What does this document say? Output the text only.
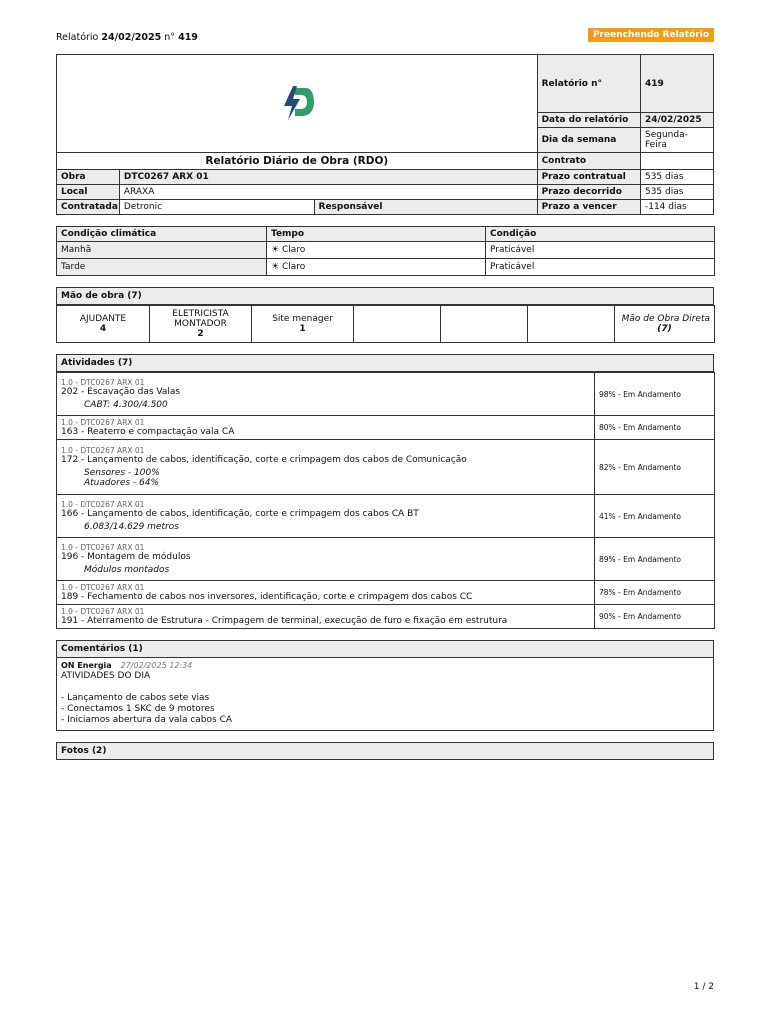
Relatório 24/02/2025 n° 419	Preenchendo Relatório
	Relatório n°	419
			Data do relatório	24/02/2025
			Dia da semana	Segunda-Feira
Relatório Diário de Obra (RDO)			Contrato	
Obra	DTC0267 ARX 01		Prazo contratual	535 dias
Local	ARAXA		Prazo decorrido	535 dias
Contratada	Detronic	Responsável	Prazo a vencer	-114 dias
Condição climática	Tempo	Condição
Manhã	☀ Claro	Praticável
Tarde	☀ Claro	Praticável
Mão de obra (7)
AJUDANTE
4

ELETRICISTA MONTADOR
2

Site menager
1

Mão de Obra Direta
(7)
Atividades (7)
1.0 - DTC0267 ARX 01
202 - Escavação das Valas
CABT: 4.300/4.500	98% - Em Andamento

1.0 - DTC0267 ARX 01
163 - Reaterro e compactação vala CA	80% - Em Andamento

1.0 - DTC0267 ARX 01
172 - Lançamento de cabos, identificação, corte e crimpagem dos cabos de Comunicação
Sensores - 100%
Atuadores - 64%	82% - Em Andamento

1.0 - DTC0267 ARX 01
166 - Lançamento de cabos, identificação, corte e crimpagem dos cabos CA BT
6.083/14.629 metros	41% - Em Andamento

1.0 - DTC0267 ARX 01
196 - Montagem de módulos
Módulos montados	89% - Em Andamento

1.0 - DTC0267 ARX 01
189 - Fechamento de cabos nos inversores, identificação, corte e crimpagem dos cabos CC	78% - Em Andamento

1.0 - DTC0267 ARX 01
191 - Aterramento de Estrutura - Crimpagem de terminal, execução de furo e fixação em estrutura	90% - Em Andamento
Comentários (1)
ON Energia 27/02/2025 12:34
ATIVIDADES DO DIA
- Lançamento de cabos sete vias
- Conectamos 1 SKC de 9 motores
- Iniciamos abertura da vala cabos CA
Fotos (2)
1 / 2
